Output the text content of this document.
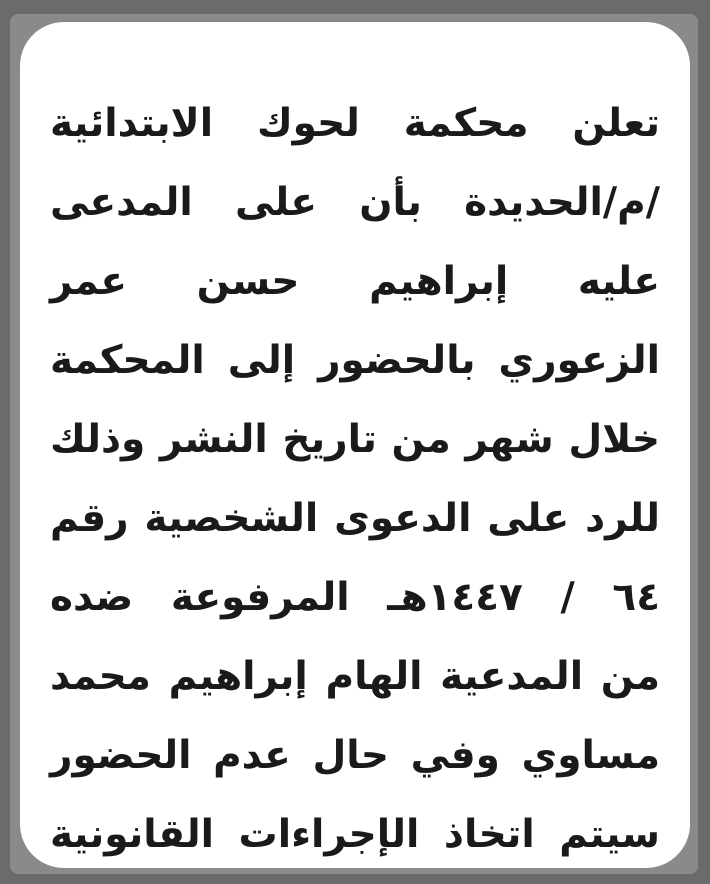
تعلن محكمة لحوك الابتدائية
/م/الحديدة بأن على المدعى
عليه إبراهيم حسن عمر
الزعوري بالحضور إلى المحكمة
خلال شهر من تاريخ النشر وذلك
للرد على الدعوى الشخصية رقم
٦٤ / ١٤٤٧هـ المرفوعة ضده
من المدعية الهام إبراهيم محمد
مساوي وفي حال عدم الحضور
سيتم اتخاذ الإجراءات القانونية
